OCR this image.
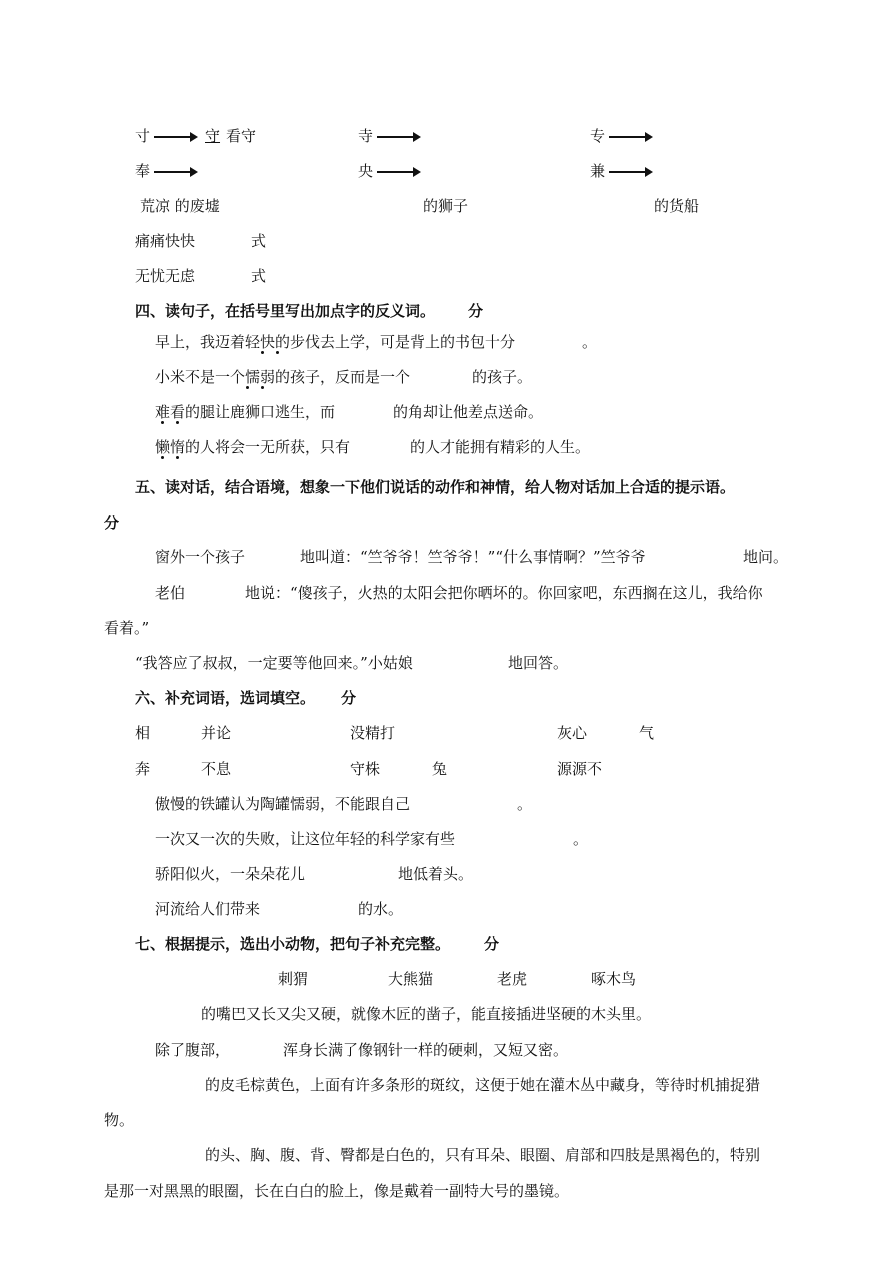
寸	守 看守	寺	专
奉	央	兼
荒凉 的废墟	的狮子	的货船
痛痛快快	式
无忧无虑	式
四、读句子，在括号里写出加点字的反义词。 分
早上，我迈着轻快的步伐去上学，可是背上的书包十分	。
小米不是一个懦弱的孩子，反而是一个	的孩子。
难看的腿让鹿狮口逃生，而	的角却让他差点送命。
懒惰的人将会一无所获，只有	的人才能拥有精彩的人生。
五、读对话，结合语境，想象一下他们说话的动作和神情，给人物对话加上合适的提示语。
分
窗外一个孩子	地叫道：“竺爷爷！竺爷爷！”“什么事情啊？”竺爷爷	地问。
老伯	地说：“傻孩子，火热的太阳会把你晒坏的。你回家吧，东西搁在这儿，我给你
看着。”
“我答应了叔叔，一定要等他回来。”小姑娘	地回答。
六、补充词语，选词填空。 分
相	并论	没精打	灰心	气
奔	不息	守株	兔	源源不
傲慢的铁罐认为陶罐懦弱，不能跟自己	。
一次又一次的失败，让这位年轻的科学家有些	。
骄阳似火，一朵朵花儿	地低着头。
河流给人们带来	的水。
七、根据提示，选出小动物，把句子补充完整。 分
刺猬	大熊猫	老虎	啄木鸟
的嘴巴又长又尖又硬，就像木匠的凿子，能直接插进坚硬的木头里。
除了腹部，	浑身长满了像钢针一样的硬刺，又短又密。
的皮毛棕黄色，上面有许多条形的斑纹，这便于她在灌木丛中藏身，等待时机捕捉猎
物。
的头、胸、腹、背、臀都是白色的，只有耳朵、眼圈、肩部和四肢是黑褐色的，特别
是那一对黑黑的眼圈，长在白白的脸上，像是戴着一副特大号的墨镜。
